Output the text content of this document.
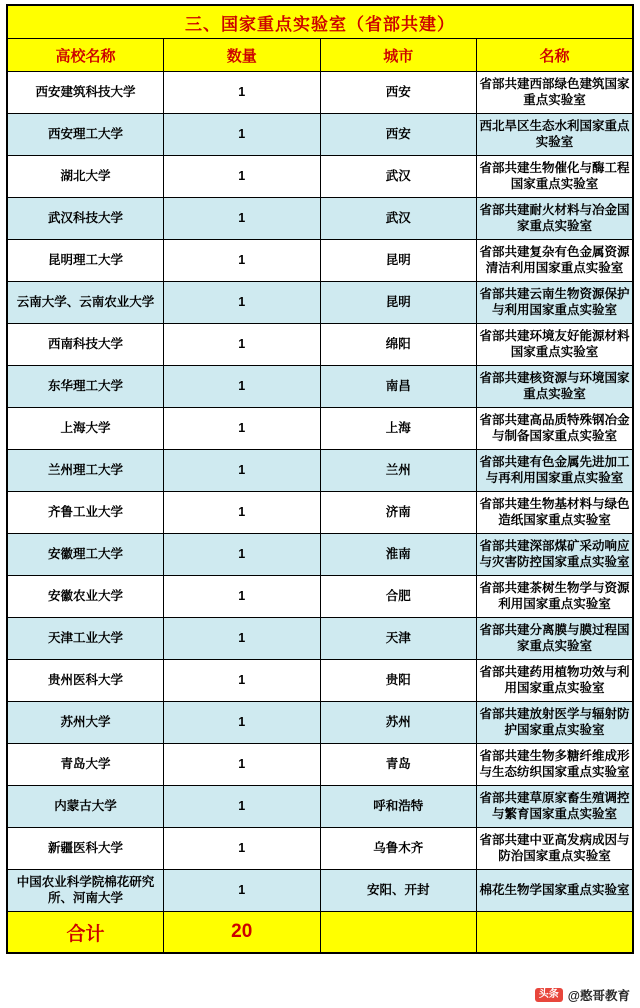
三、国家重点实验室（省部共建）			
高校名称	数量	城市	名称
西安建筑科技大学	1	西安	省部共建西部绿色建筑国家重点实验室
西安理工大学	1	西安	西北旱区生态水利国家重点实验室
湖北大学	1	武汉	省部共建生物催化与酶工程国家重点实验室
武汉科技大学	1	武汉	省部共建耐火材料与冶金国家重点实验室
昆明理工大学	1	昆明	省部共建复杂有色金属资源清洁利用国家重点实验室
云南大学、云南农业大学	1	昆明	省部共建云南生物资源保护与利用国家重点实验室
西南科技大学	1	绵阳	省部共建环境友好能源材料国家重点实验室
东华理工大学	1	南昌	省部共建核资源与环境国家重点实验室
上海大学	1	上海	省部共建高品质特殊钢冶金与制备国家重点实验室
兰州理工大学	1	兰州	省部共建有色金属先进加工与再利用国家重点实验室
齐鲁工业大学	1	济南	省部共建生物基材料与绿色造纸国家重点实验室
安徽理工大学	1	淮南	省部共建深部煤矿采动响应与灾害防控国家重点实验室
安徽农业大学	1	合肥	省部共建茶树生物学与资源利用国家重点实验室
天津工业大学	1	天津	省部共建分离膜与膜过程国家重点实验室
贵州医科大学	1	贵阳	省部共建药用植物功效与利用国家重点实验室
苏州大学	1	苏州	省部共建放射医学与辐射防护国家重点实验室
青岛大学	1	青岛	省部共建生物多糖纤维成形与生态纺织国家重点实验室
内蒙古大学	1	呼和浩特	省部共建草原家畜生殖调控与繁育国家重点实验室
新疆医科大学	1	乌鲁木齐	省部共建中亚高发病成因与防治国家重点实验室
中国农业科学院棉花研究所、河南大学	1	安阳、开封	棉花生物学国家重点实验室
合计	20		
头条 @憨哥教育
